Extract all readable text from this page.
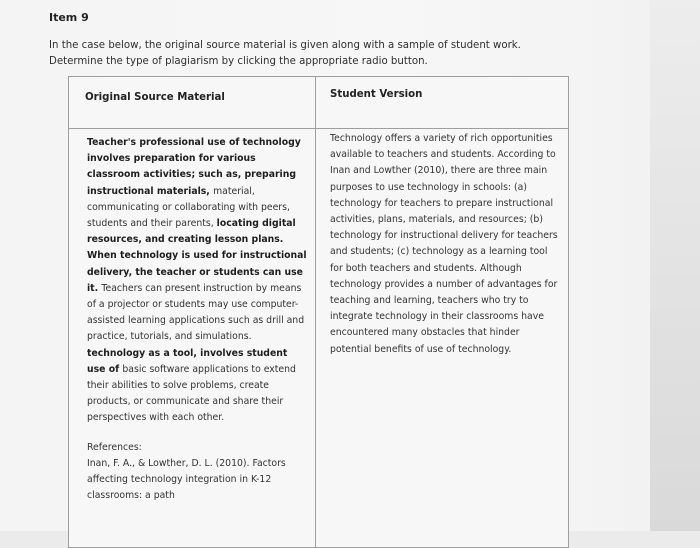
Item 9
In the case below, the original source material is given along with a sample of student work.
Determine the type of plagiarism by clicking the appropriate radio button.
Original Source Material	Student Version

Teacher's professional use of technology involves preparation for various classroom activities; such as, preparing instructional materials, material, communicating or collaborating with peers, students and their parents, locating digital resources, and creating lesson plans. When technology is used for instructional delivery, the teacher or students can use it. Teachers can present instruction by means of a projector or students may use computer-assisted learning applications such as drill and practice, tutorials, and simulations. technology as a tool, involves student use of basic software applications to extend their abilities to solve problems, create products, or communicate and share their perspectives with each other.

References:

Inan, F. A., & Lowther, D. L. (2010). Factors affecting technology integration in K-12 classrooms: a path

Technology offers a variety of rich opportunities available to teachers and students. According to Inan and Lowther (2010), there are three main purposes to use technology in schools: (a) technology for teachers to prepare instructional activities, plans, materials, and resources; (b) technology for instructional delivery for teachers and students; (c) technology as a learning tool for both teachers and students. Although technology provides a number of advantages for teaching and learning, teachers who try to integrate technology in their classrooms have encountered many obstacles that hinder potential benefits of use of technology.
